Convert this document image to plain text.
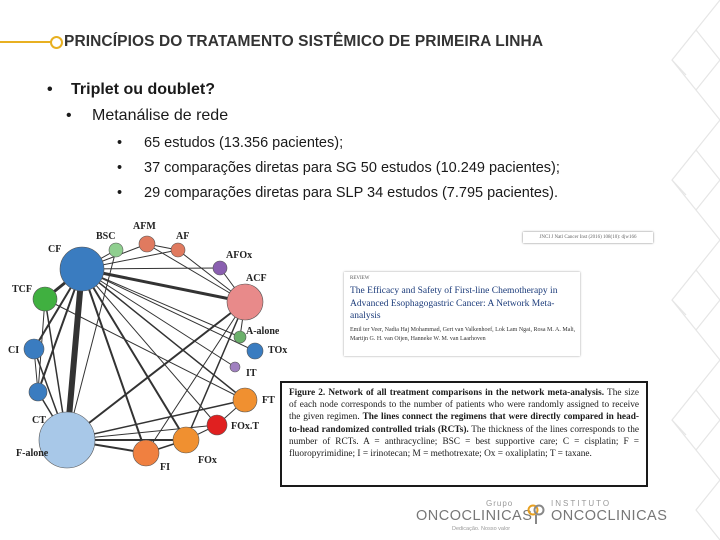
PRINCÍPIOS DO TRATAMENTO SISTÊMICO DE PRIMEIRA LINHA
• Triplet ou doublet?
• Metanálise de rede
• 65 estudos (13.356 pacientes);
• 37 comparações diretas para SG 50 estudos (10.249 pacientes);
• 29 comparações diretas para SLP 34 estudos (7.795 pacientes).
CF
BSC
AFM
AF
AFOx
ACF
A-alone
TOx
IT
FT
FOx.T
FOx
FI
F-alone
CT
CI
TCF
JNCI J Natl Cancer Inst (2016) 108(10): djw166
REVIEW
The Efficacy and Safety of First-line Chemotherapy in Advanced Esophagogastric Cancer: A Network Meta-analysis
Emil ter Veer, Nadia Haj Mohammad, Gert van Valkenhoef, Lok Lam Ngai, Rosa M. A. Mali, Martijn G. H. van Oijen, Hanneke W. M. van Laarhoven
Figure 2. Network of all treatment comparisons in the network meta-analysis. The size of each node corresponds to the number of patients who were randomly assigned to receive the given regimen. The lines connect the regimens that were directly compared in head-to-head randomized controlled trials (RCTs). The thickness of the lines corresponds to the number of RCTs. A = anthracycline; BSC = best supportive care; C = cisplatin; F = fluoropyrimidine; I = irinotecan; M = methotrexate; Ox = oxaliplatin; T = taxane.
Grupo
ONCOCLINICAS
Dedicação. Nosso valor
INSTITUTO
ONCOCLINICAS
